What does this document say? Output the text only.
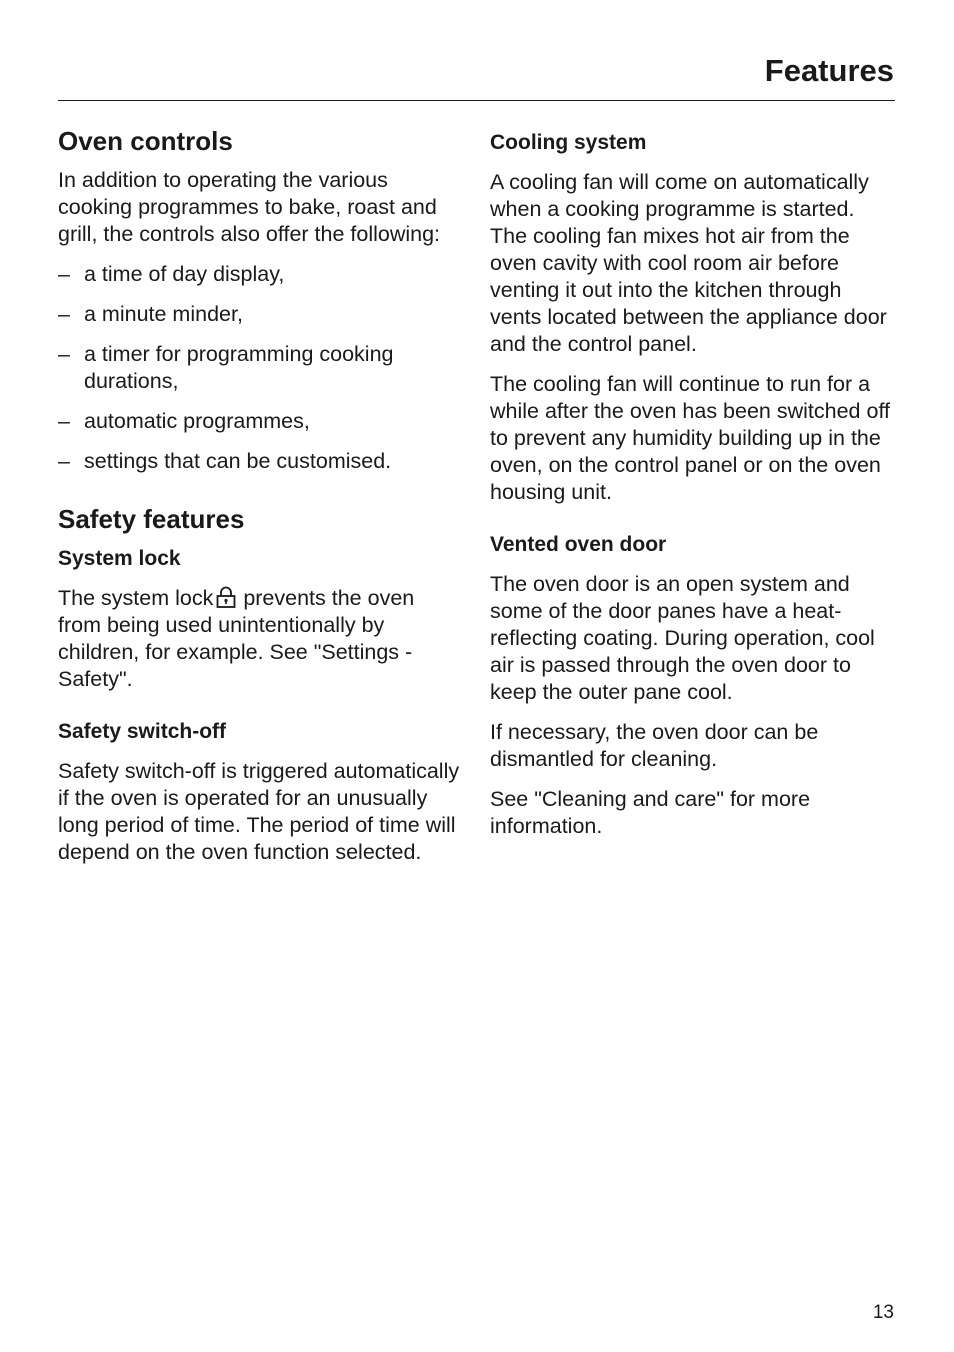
Features
Oven controls

In addition to operating the various cooking programmes to bake, roast and grill, the controls also offer the following:

– a time of day display,
– a minute minder,
– a timer for programming cooking durations,
– automatic programmes,
– settings that can be customised.
Safety features
System lock

The system lock prevents the oven from being used unintentionally by children, for example. See "Settings - Safety".

Safety switch-off

Safety switch-off is triggered automatically if the oven is operated for an unusually long period of time. The period of time will depend on the oven function selected.

Cooling system

A cooling fan will come on automatically when a cooking programme is started. The cooling fan mixes hot air from the oven cavity with cool room air before venting it out into the kitchen through vents located between the appliance door and the control panel.

The cooling fan will continue to run for a while after the oven has been switched off to prevent any humidity building up in the oven, on the control panel or on the oven housing unit.

Vented oven door

The oven door is an open system and some of the door panes have a heat-reflecting coating. During operation, cool air is passed through the oven door to keep the outer pane cool.

If necessary, the oven door can be dismantled for cleaning.

See "Cleaning and care" for more information.

13
